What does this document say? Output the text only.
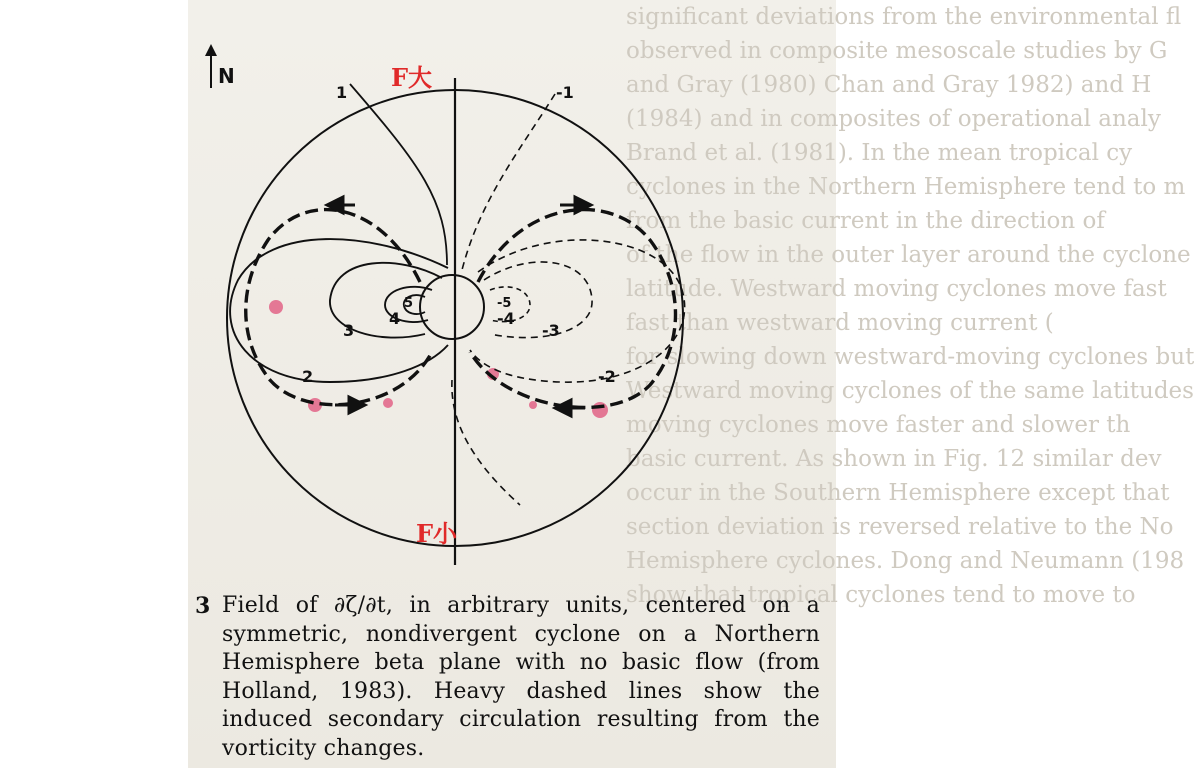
significant deviations from the environmental fl
observed in composite mesoscale studies by G
and Gray (1980) Chan and Gray 1982) and H
(1984) and in composites of operational analy
Brand et al. (1981). In the mean tropical cy
cyclones in the Northern Hemisphere tend to m
from the basic current in the direction of
of the flow in the outer layer around the cyclone
latitude. Westward moving cyclones move fast
fast than westward moving current (
for slowing down westward-moving cyclones but
Westward moving cyclones of the same latitudes
moving cyclones move faster and slower th
basic current. As shown in Fig. 12 similar dev
occur in the Southern Hemisphere except that
section deviation is reversed relative to the No
Hemisphere cyclones. Dong and Neumann (198
show that tropical cyclones tend to move to
1	-1
2	-2
3	-3
4	-4
5	-5
N	F大
F小
3 Field of ∂ζ/∂t, in arbitrary units, centered on a symmetric, nondivergent cyclone on a Northern Hemisphere beta plane with no basic flow (from Holland, 1983). Heavy dashed lines show the induced secondary circulation resulting from the vorticity changes.
